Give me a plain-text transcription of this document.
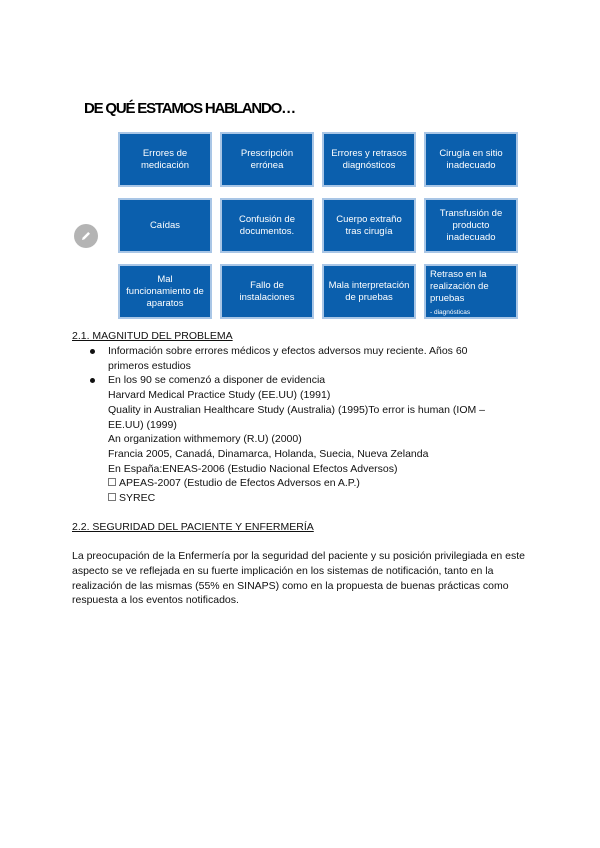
DE QUÉ ESTAMOS HABLANDO…
Errores de medicación
Prescripción errónea
Errores y retrasos diagnósticos
Cirugía en sitio inadecuado
Caídas
Confusión de documentos.
Cuerpo extraño tras cirugía
Transfusión de producto inadecuado
Mal funcionamiento de aparatos
Fallo de instalaciones
Mala interpretación de pruebas
Retraso en la realización de pruebas
- diagnósticas
2.1. MAGNITUD DEL PROBLEMA
Información sobre errores médicos y efectos adversos muy reciente. Años 60 primeros estudios
En los 90 se comenzó a disponer de evidencia
Harvard Medical Practice Study (EE.UU) (1991)
Quality in Australian Healthcare Study (Australia) (1995)To error is human (IOM – EE.UU) (1999)
An organization withmemory (R.U) (2000)
Francia 2005, Canadá, Dinamarca, Holanda, Suecia, Nueva Zelanda
En España:ENEAS-2006 (Estudio Nacional Efectos Adversos)
APEAS-2007 (Estudio de Efectos Adversos en A.P.)
SYREC
2.2. SEGURIDAD DEL PACIENTE Y ENFERMERÍA
La preocupación de la Enfermería por la seguridad del paciente y su posición privilegiada en este aspecto se ve reflejada en su fuerte implicación en los sistemas de notificación, tanto en la realización de las mismas (55% en SINAPS) como en la propuesta de buenas prácticas como respuesta a los eventos notificados.
